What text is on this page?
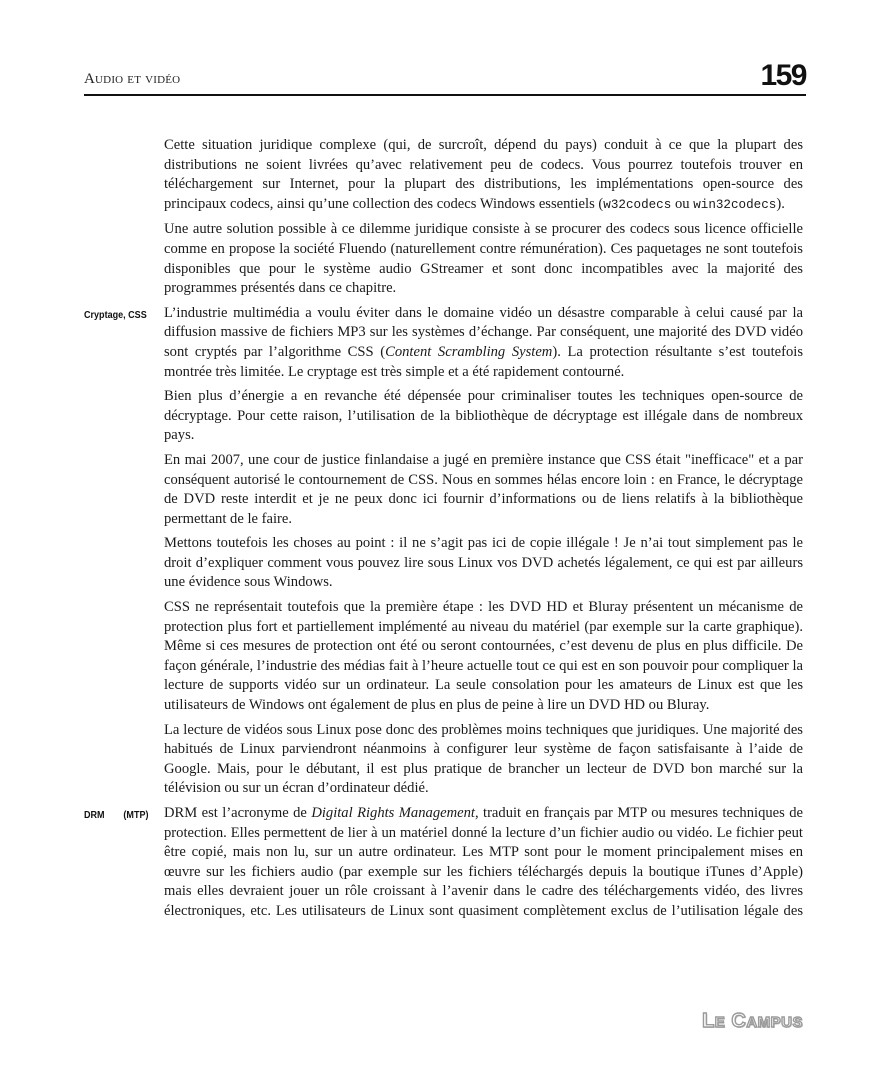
Audio et vidéo	159

Cette situation juridique complexe (qui, de surcroît, dépend du pays) conduit à ce que la plupart des distributions ne soient livrées qu’avec relativement peu de codecs. Vous pourrez toutefois trouver en téléchargement sur Internet, pour la plupart des distributions, les implémentations open-source des principaux codecs, ainsi qu’une collection des codecs Windows essentiels (w32codecs ou win32codecs).

Une autre solution possible à ce dilemme juridique consiste à se procurer des codecs sous licence officielle comme en propose la société Fluendo (naturellement contre rémunération). Ces paquetages ne sont toutefois disponibles que pour le système audio GStreamer et sont donc incompatibles avec la majorité des programmes présentés dans ce chapitre.

Cryptage, CSS L’industrie multimédia a voulu éviter dans le domaine vidéo un désastre comparable à celui causé par la diffusion massive de fichiers MP3 sur les systèmes d’échange. Par conséquent, une majorité des DVD vidéo sont cryptés par l’algorithme CSS (Content Scrambling System). La protection résultante s’est toutefois montrée très limitée. Le cryptage est très simple et a été rapidement contourné.

Bien plus d’énergie a en revanche été dépensée pour criminaliser toutes les techniques open-source de décryptage. Pour cette raison, l’utilisation de la bibliothèque de décryptage est illégale dans de nombreux pays.

En mai 2007, une cour de justice finlandaise a jugé en première instance que CSS était "inefficace" et a par conséquent autorisé le contournement de CSS. Nous en sommes hélas encore loin : en France, le décryptage de DVD reste interdit et je ne peux donc ici fournir d’informations ou de liens relatifs à la bibliothèque permettant de le faire.

Mettons toutefois les choses au point : il ne s’agit pas ici de copie illégale ! Je n’ai tout simplement pas le droit d’expliquer comment vous pouvez lire sous Linux vos DVD achetés légalement, ce qui est par ailleurs une évidence sous Windows.

CSS ne représentait toutefois que la première étape : les DVD HD et Bluray présentent un mécanisme de protection plus fort et partiellement implémenté au niveau du matériel (par exemple sur la carte graphique). Même si ces mesures de protection ont été ou seront contournées, c’est devenu de plus en plus difficile. De façon générale, l’industrie des médias fait à l’heure actuelle tout ce qui est en son pouvoir pour compliquer la lecture de supports vidéo sur un ordinateur. La seule consolation pour les amateurs de Linux est que les utilisateurs de Windows ont également de plus en plus de peine à lire un DVD HD ou Bluray.

La lecture de vidéos sous Linux pose donc des problèmes moins techniques que juridiques. Une majorité des habitués de Linux parviendront néanmoins à configurer leur système de façon satisfaisante à l’aide de Google. Mais, pour le débutant, il est plus pratique de brancher un lecteur de DVD bon marché sur la télévision ou sur un écran d’ordinateur dédié.

DRM (MTP) DRM est l’acronyme de Digital Rights Management, traduit en français par MTP ou mesures techniques de protection. Elles permettent de lier à un matériel donné la lecture d’un fichier audio ou vidéo. Le fichier peut être copié, mais non lu, sur un autre ordinateur. Les MTP sont pour le moment principalement mises en œuvre sur les fichiers audio (par exemple sur les fichiers téléchargés depuis la boutique iTunes d’Apple) mais elles devraient jouer un rôle croissant à l’avenir dans le cadre des téléchargements vidéo, des livres électroniques, etc. Les utilisateurs de Linux sont quasiment complètement exclus de l’utilisation légale des

LE CAMPUS
